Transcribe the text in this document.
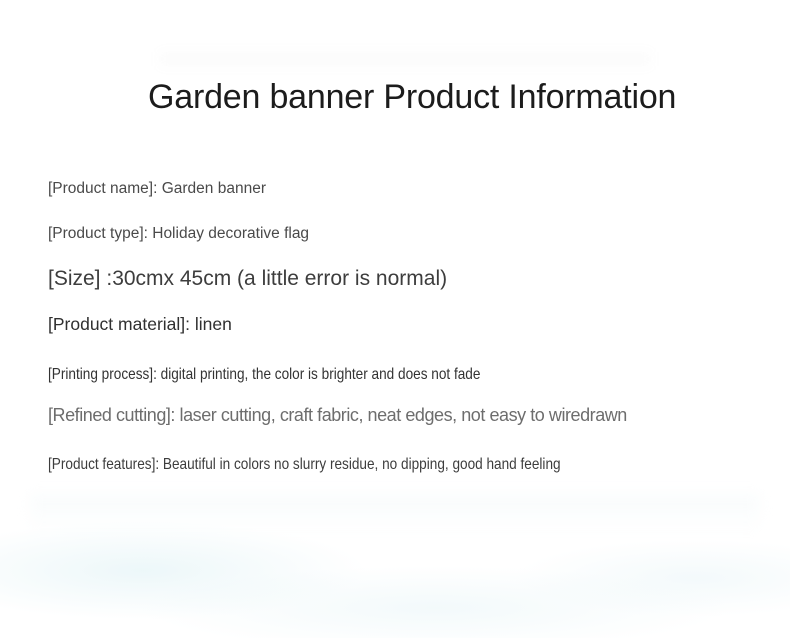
Garden banner Product Information
[Product name]: Garden banner
[Product type]: Holiday decorative flag
[Size] :30cmx 45cm (a little error is normal)
[Product material]: linen
[Printing process]: digital printing, the color is brighter and does not fade
[Refined cutting]: laser cutting, craft fabric, neat edges, not easy to wiredrawn
[Product features]: Beautiful in colors no slurry residue, no dipping, good hand feeling
